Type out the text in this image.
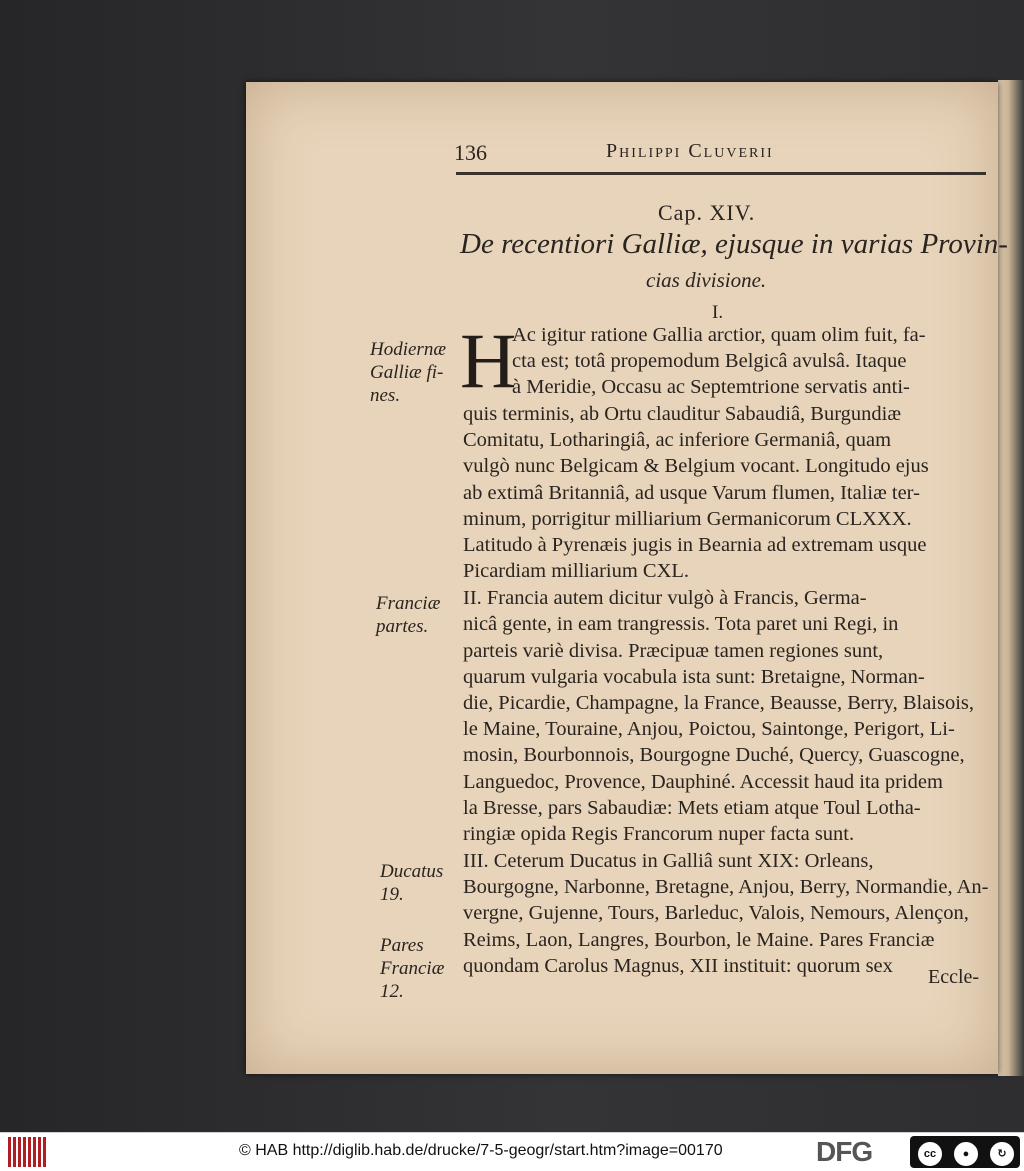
136	Philippi Cluverii
Cap. XIV.
De recentiori Galliæ, ejusque in varias Provin-
cias divisione.
I.
H
Ac igitur ratione Gallia arctior, quam olim fuit, fa-
cta est; totâ propemodum Belgicâ avulsâ. Itaque
à Meridie, Occasu ac Septemtrione servatis anti-
quis terminis, ab Ortu clauditur Sabaudiâ, Burgundiæ
Comitatu, Lotharingiâ, ac inferiore Germaniâ, quam
vulgò nunc Belgicam & Belgium vocant. Longitudo ejus
ab extimâ Britanniâ, ad usque Varum flumen, Italiæ ter-
minum, porrigitur milliarium Germanicorum CLXXX.
Latitudo à Pyrenæis jugis in Bearnia ad extremam usque
Picardiam milliarium CXL.
II. Francia autem dicitur vulgò à Francis, Germa-
nicâ gente, in eam trangressis. Tota paret uni Regi, in
parteis variè divisa. Præcipuæ tamen regiones sunt,
quarum vulgaria vocabula ista sunt: Bretaigne, Norman-
die, Picardie, Champagne, la France, Beausse, Berry, Blaisois,
le Maine, Touraine, Anjou, Poictou, Saintonge, Perigort, Li-
mosin, Bourbonnois, Bourgogne Duché, Quercy, Guascogne,
Languedoc, Provence, Dauphiné. Accessit haud ita pridem
la Bresse, pars Sabaudiæ: Mets etiam atque Toul Lotha-
ringiæ opida Regis Francorum nuper facta sunt.
III. Ceterum Ducatus in Galliâ sunt XIX: Orleans,
Bourgogne, Narbonne, Bretagne, Anjou, Berry, Normandie, An-
vergne, Gujenne, Tours, Barleduc, Valois, Nemours, Alençon,
Reims, Laon, Langres, Bourbon, le Maine. Pares Franciæ
quondam Carolus Magnus, XII instituit: quorum sex
Hodiernæ
Galliæ fi-
nes.
Franciæ
partes.
Ducatus
19.
Pares
Franciæ
12.
Eccle-
© HAB http://diglib.hab.de/drucke/7-5-geogr/start.htm?image=00170	DFG	cc	●	↻
BY	SA
